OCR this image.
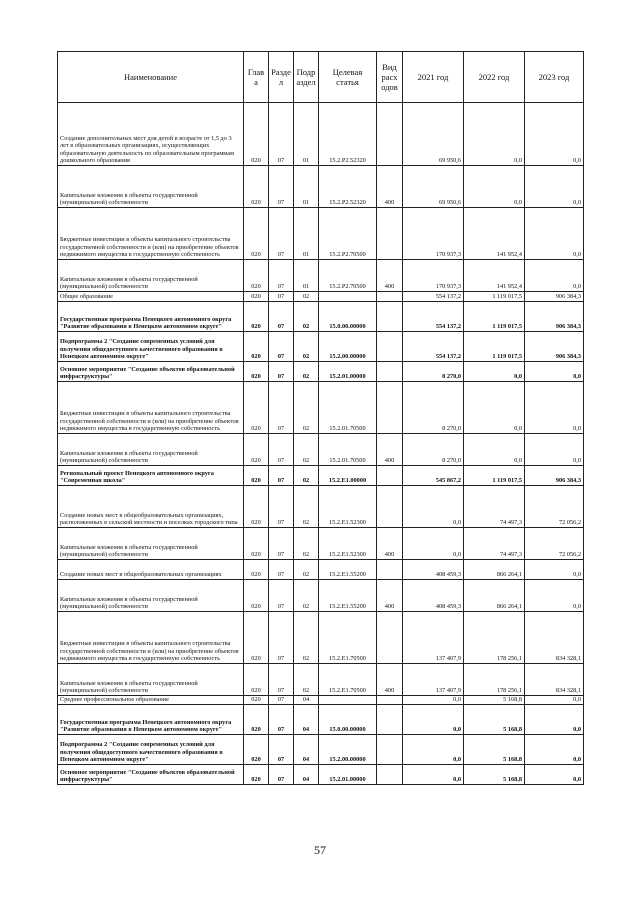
Наименование	Глав а	Разде л	Подр аздел	Целевая статья	Вид расх одов	2021 год	2022 год	2023 год
Создание дополнительных мест для детей в возрасте от 1,5 до 3 лет в образовательных организациях, осуществляющих образовательную деятельность по образовательным программам дошкольного образования	020	07	01	15.2.Р2.52320		69 950,6	0,0	0,0
Капитальные вложения в объекты государственной (муниципальной) собственности	020	07	01	15.2.Р2.52320	400	69 950,6	0,0	0,0
Бюджетные инвестиции в объекты капитального строительства государственной собственности и (или) на приобретение объектов недвижимого имущества в государственную собственность	020	07	01	15.2.Р2.70500		170 937,3	141 952,4	0,0
Капитальные вложения в объекты государственной (муниципальной) собственности	020	07	01	15.2.Р2.70500	400	170 937,3	141 952,4	0,0
Общее образование	020	07	02			554 137,2	1 119 017,5	906 384,3
Государственная программа Ненецкого автономного округа "Развитие образования в Ненецком автономном округе"	020	07	02	15.0.00.00000		554 137,2	1 119 017,5	906 384,3
Подпрограмма 2 "Создание современных условий для получения общедоступного качественного образования в Ненецком автономном округе"	020	07	02	15.2.00.00000		554 137,2	1 119 017,5	906 384,3
Основное мероприятие "Создание объектов образовательной инфраструктуры"	020	07	02	15.2.01.00000		8 270,0	0,0	0,0
Бюджетные инвестиции в объекты капитального строительства государственной собственности и (или) на приобретение объектов недвижимого имущества в государственную собственность	020	07	02	15.2.01.70500		8 270,0	0,0	0,0
Капитальные вложения в объекты государственной (муниципальной) собственности	020	07	02	15.2.01.70500	400	8 270,0	0,0	0,0
Региональный проект Ненецкого автономного округа "Современная школа"	020	07	02	15.2.Е1.00000		545 867,2	1 119 017,5	906 384,3
Создание новых мест в общеобразовательных организациях, расположенных в сельской местности и поселках городского типа	020	07	02	15.2.Е1.52300		0,0	74 497,3	72 056,2
Капитальные вложения в объекты государственной (муниципальной) собственности	020	07	02	15.2.Е1.52300	400	0,0	74 497,3	72 056,2
Создание новых мест в общеобразовательных организациях	020	07	02	15.2.Е1.55200		408 459,3	866 264,1	0,0
Капитальные вложения в объекты государственной (муниципальной) собственности	020	07	02	15.2.Е1.55200	400	408 459,3	866 264,1	0,0
Бюджетные инвестиции в объекты капитального строительства государственной собственности и (или) на приобретение объектов недвижимого имущества в государственную собственность	020	07	02	15.2.Е1.70500		137 407,9	178 256,1	834 328,1
Капитальные вложения в объекты государственной (муниципальной) собственности	020	07	02	15.2.Е1.70500	400	137 407,9	178 256,1	834 328,1
Среднее профессиональное образование	020	07	04			0,0	5 168,8	0,0
Государственная программа Ненецкого автономного округа "Развитие образования в Ненецком автономном округе"	020	07	04	15.0.00.00000		0,0	5 168,8	0,0
Подпрограмма 2 "Создание современных условий для получения общедоступного качественного образования в Ненецком автономном округе"	020	07	04	15.2.00.00000		0,0	5 168,8	0,0
Основное мероприятие "Создание объектов образовательной инфраструктуры"	020	07	04	15.2.01.00000		0,0	5 168,8	0,0
57
